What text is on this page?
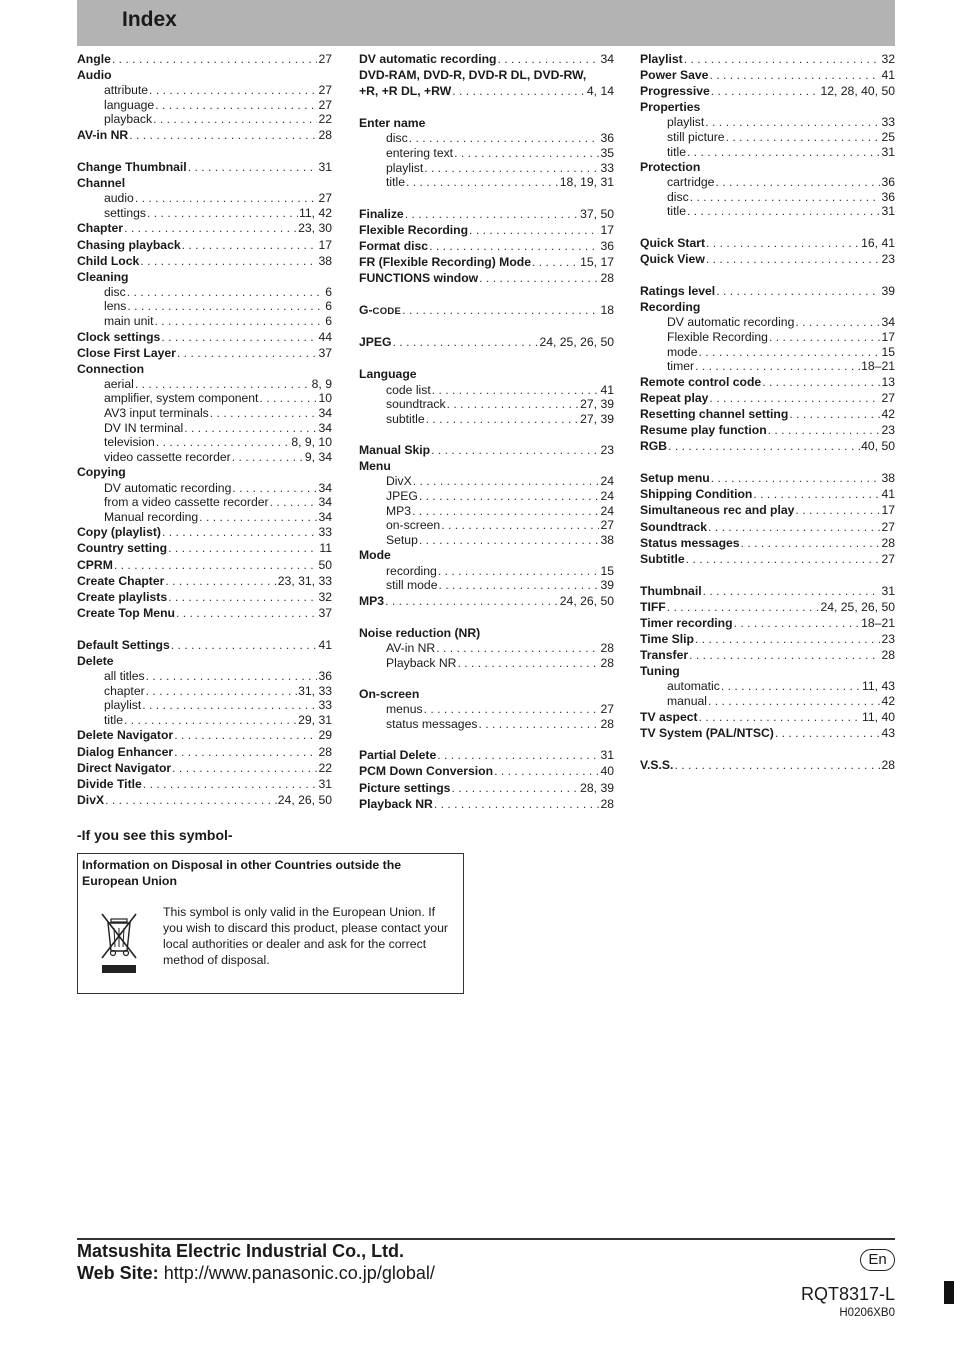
Index
Angle . . .	27
Audio
attribute . . .	27
language . . .	27
playback . . .	22
AV-in NR . . .	28
Change Thumbnail . . .	31
Channel
audio . . .	27
settings . . .	11, 42
Chapter . . .	23, 30
Chasing playback . . .	17
Child Lock . . .	38
Cleaning
disc . . .	6
lens . . .	6
main unit . . .	6
Clock settings . . .	44
Close First Layer . . .	37
Connection
aerial . . .	8, 9
amplifier, system component . . .	10
AV3 input terminals . . .	34
DV IN terminal . . .	34
television . . .	8, 9, 10
video cassette recorder . . .	9, 34
Copying
DV automatic recording . . .	34
from a video cassette recorder . . .	34
Manual recording . . .	34
Copy (playlist) . . .	33
Country setting . . .	11
CPRM . . .	50
Create Chapter . . .	23, 31, 33
Create playlists . . .	32
Create Top Menu . . .	37
Default Settings . . .	41
Delete
all titles . . .	36
chapter . . .	31, 33
playlist . . .	33
title . . .	29, 31
Delete Navigator . . .	29
Dialog Enhancer . . .	28
Direct Navigator . . .	22
Divide Title . . .	31
DivX . . .	24, 26, 50
DV automatic recording . . .	34
DVD-RAM, DVD-R, DVD-R DL, DVD-RW,
+R, +R DL, +RW . . .	4, 14
Enter name
disc . . .	36
entering text . . .	35
playlist . . .	33
title . . .	18, 19, 31
Finalize . . .	37, 50
Flexible Recording . . .	17
Format disc . . .	36
FR (Flexible Recording) Mode . . .	15, 17
FUNCTIONS window . . .	28
G-CODE . . .	18
JPEG . . .	24, 25, 26, 50
Language
code list . . .	41
soundtrack . . .	27, 39
subtitle . . .	27, 39
Manual Skip . . .	23
Menu
DivX . . .	24
JPEG . . .	24
MP3 . . .	24
on-screen . . .	27
Setup . . .	38
Mode
recording . . .	15
still mode . . .	39
MP3 . . .	24, 26, 50
Noise reduction (NR)
AV-in NR . . .	28
Playback NR . . .	28
On-screen
menus . . .	27
status messages . . .	28
Partial Delete . . .	31
PCM Down Conversion . . .	40
Picture settings . . .	28, 39
Playback NR . . .	28
Playlist . . .	32
Power Save . . .	41
Progressive . . .	12, 28, 40, 50
Properties
playlist . . .	33
still picture . . .	25
title . . .	31
Protection
cartridge . . .	36
disc . . .	36
title . . .	31
Quick Start . . .	16, 41
Quick View . . .	23
Ratings level . . .	39
Recording
DV automatic recording . . .	34
Flexible Recording . . .	17
mode . . .	15
timer . . .	18–21
Remote control code . . .	13
Repeat play . . .	27
Resetting channel setting . . .	42
Resume play function . . .	23
RGB . . .	40, 50
Setup menu . . .	38
Shipping Condition . . .	41
Simultaneous rec and play . . .	17
Soundtrack . . .	27
Status messages . . .	28
Subtitle . . .	27
Thumbnail . . .	31
TIFF . . .	24, 25, 26, 50
Timer recording . . .	18–21
Time Slip . . .	23
Transfer . . .	28
Tuning
automatic . . .	11, 43
manual . . .	42
TV aspect . . .	11, 40
TV System (PAL/NTSC) . . .	43
V.S.S. . . .	28
-If you see this symbol-
Information on Disposal in other Countries outside the European Union
This symbol is only valid in the European Union. If you wish to discard this product, please contact your local authorities or dealer and ask for the correct method of disposal.
Matsushita Electric Industrial Co., Ltd.
Web Site: http://www.panasonic.co.jp/global/
En
RQT8317-L
H0206XB0
